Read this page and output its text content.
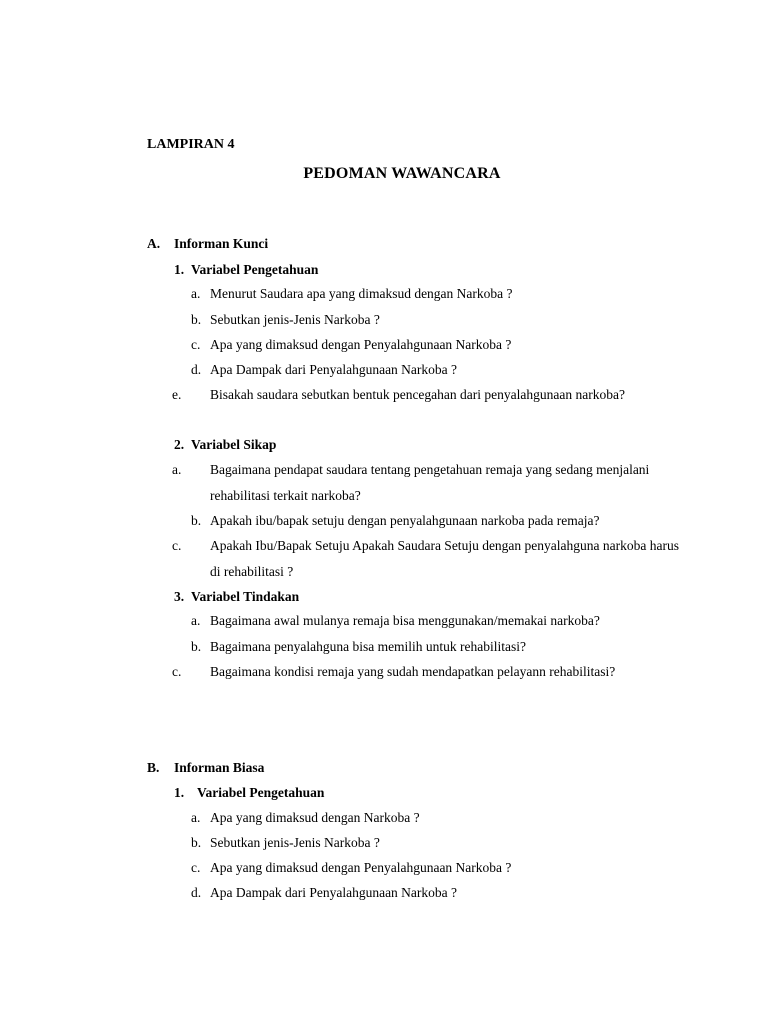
LAMPIRAN 4
PEDOMAN WAWANCARA
A. Informan Kunci
1. Variabel Pengetahuan
a. Menurut Saudara apa yang dimaksud dengan Narkoba ?
b. Sebutkan jenis-Jenis Narkoba ?
c. Apa yang dimaksud dengan Penyalahgunaan Narkoba ?
d. Apa Dampak dari Penyalahgunaan Narkoba ?
e. Bisakah saudara sebutkan bentuk pencegahan dari penyalahgunaan narkoba?
2. Variabel Sikap
a. Bagaimana pendapat saudara tentang pengetahuan remaja yang sedang menjalani rehabilitasi terkait narkoba?
b. Apakah ibu/bapak setuju dengan penyalahgunaan narkoba pada remaja?
c. Apakah Ibu/Bapak Setuju Apakah Saudara Setuju dengan penyalahguna narkoba harus di rehabilitasi ?
3. Variabel Tindakan
a. Bagaimana awal mulanya remaja bisa menggunakan/memakai narkoba?
b. Bagaimana penyalahguna bisa memilih untuk rehabilitasi?
c. Bagaimana kondisi remaja yang sudah mendapatkan pelayann rehabilitasi?
B. Informan Biasa
1. Variabel Pengetahuan
a. Apa yang dimaksud dengan Narkoba ?
b. Sebutkan jenis-Jenis Narkoba ?
c. Apa yang dimaksud dengan Penyalahgunaan Narkoba ?
d. Apa Dampak dari Penyalahgunaan Narkoba ?
